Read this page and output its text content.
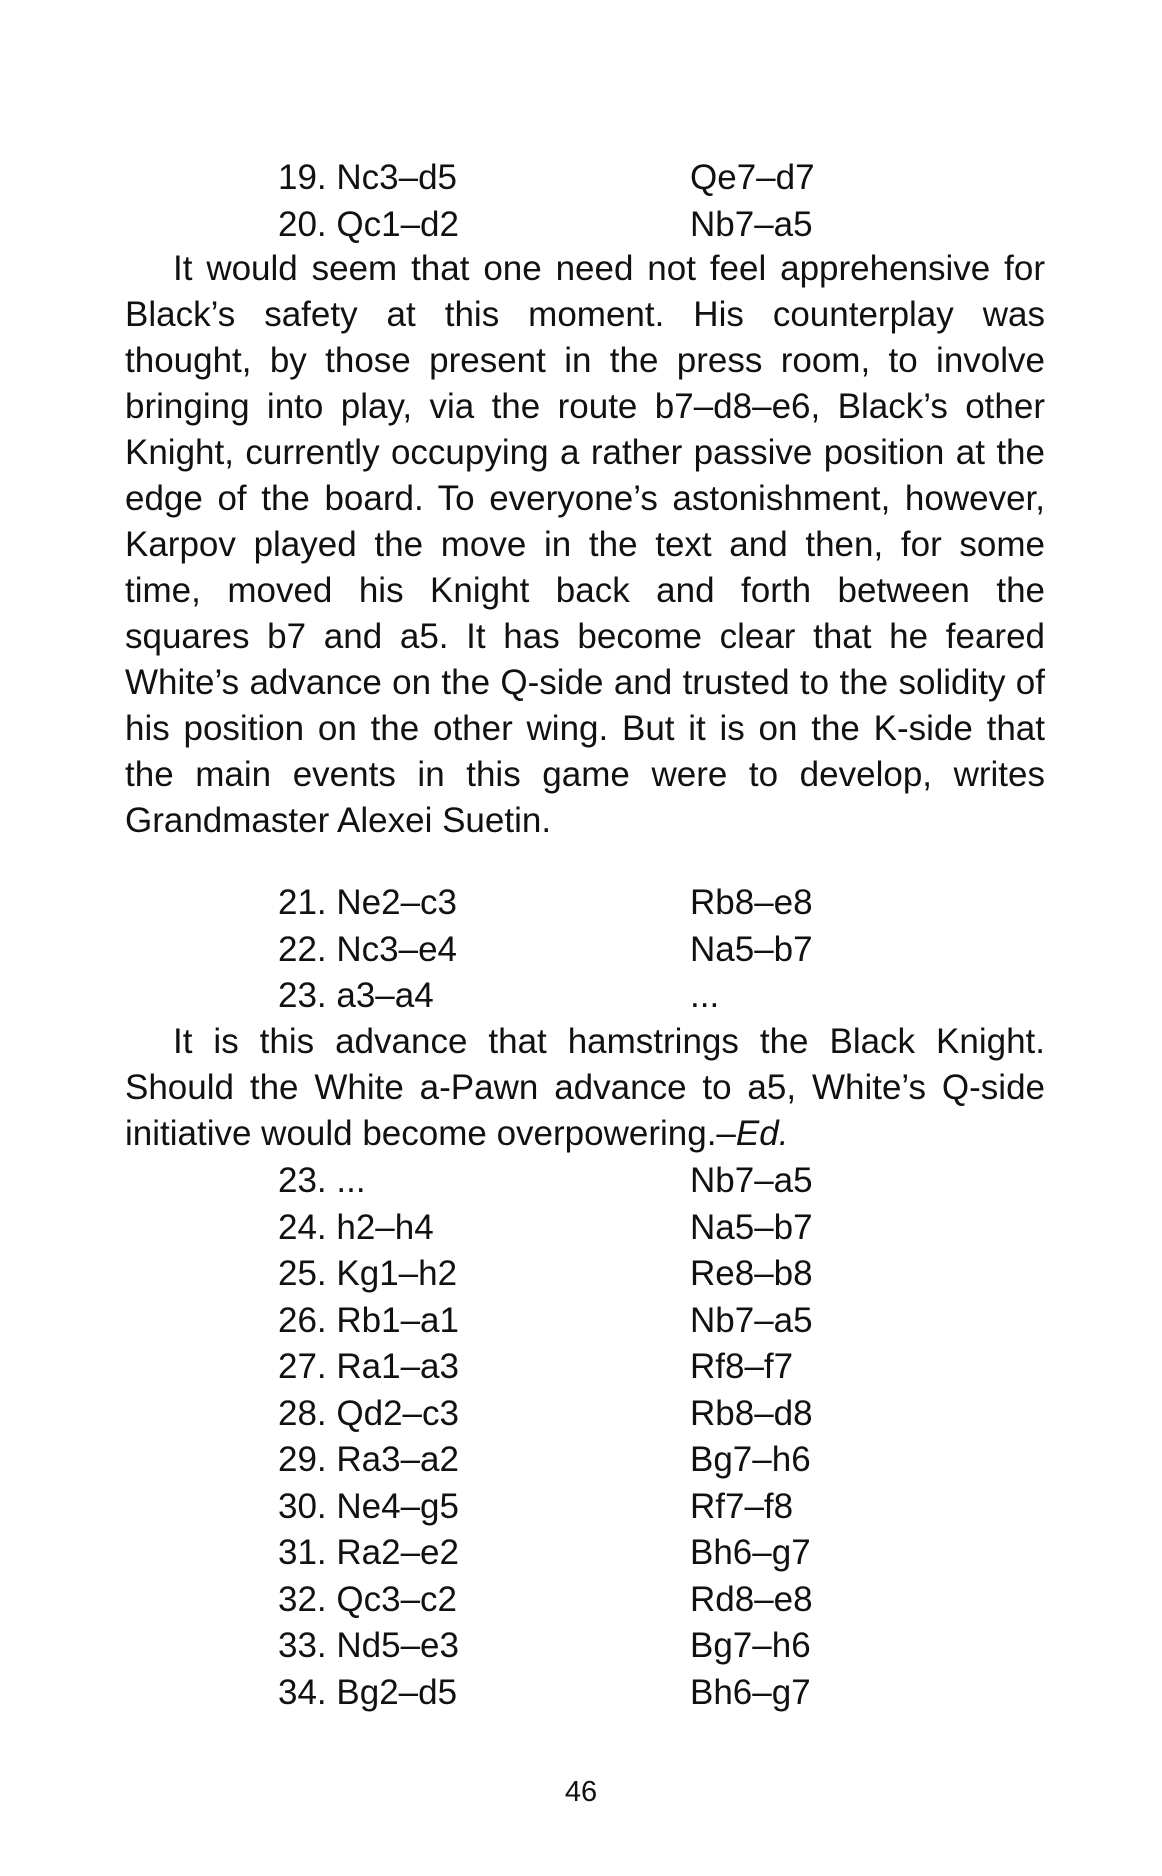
19. Nc3–d5	Qe7–d7
20. Qc1–d2	Nb7–a5

It would seem that one need not feel apprehensive for Black’s safety at this moment. His counterplay was thought, by those present in the press room, to involve bringing into play, via the route b7–d8–e6, Black’s other Knight, currently occupying a rather passive position at the edge of the board. To everyone’s astonishment, however, Karpov played the move in the text and then, for some time, moved his Knight back and forth between the squares b7 and a5. It has become clear that he feared White’s advance on the Q-side and trusted to the solidity of his position on the other wing. But it is on the K-side that the main events in this game were to develop, writes Grandmaster Alexei Suetin.

21. Ne2–c3	Rb8–e8
22. Nc3–e4	Na5–b7
23. a3–a4	...

It is this advance that hamstrings the Black Knight. Should the White a-Pawn advance to a5, White’s Q-side initiative would become overpowering.–Ed.

23. ...	Nb7–a5
24. h2–h4	Na5–b7
25. Kg1–h2	Re8–b8
26. Rb1–a1	Nb7–a5
27. Ra1–a3	Rf8–f7
28. Qd2–c3	Rb8–d8
29. Ra3–a2	Bg7–h6
30. Ne4–g5	Rf7–f8
31. Ra2–e2	Bh6–g7
32. Qc3–c2	Rd8–e8
33. Nd5–e3	Bg7–h6
34. Bg2–d5	Bh6–g7
46
